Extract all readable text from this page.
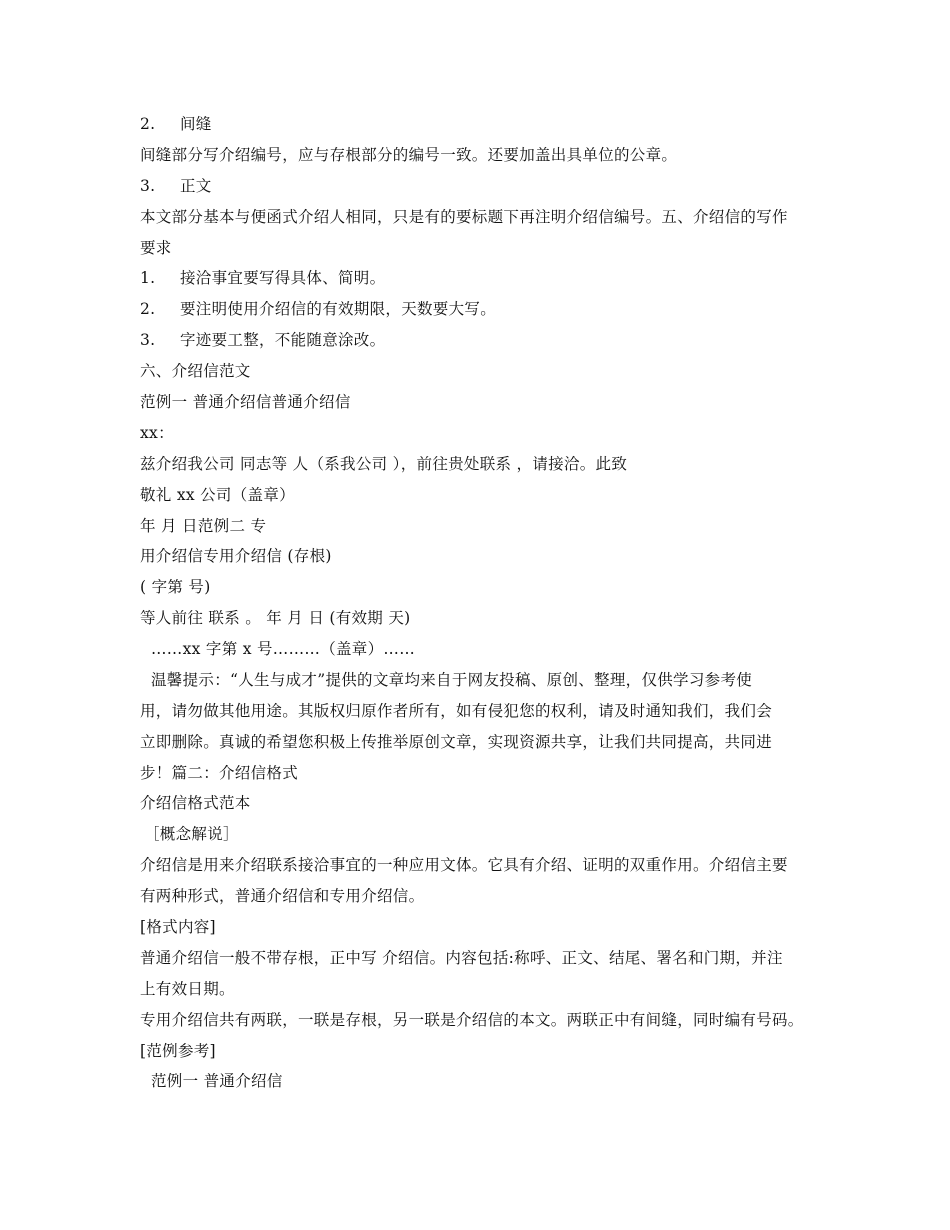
2. 间缝
间缝部分写介绍编号，应与存根部分的编号一致。还要加盖出具单位的公章。
3. 正文
本文部分基本与便函式介绍人相同，只是有的要标题下再注明介绍信编号。五、介绍信的写作
要求
1. 接洽事宜要写得具体、简明。
2. 要注明使用介绍信的有效期限，天数要大写。
3. 字迹要工整，不能随意涂改。
六、介绍信范文
范例一 普通介绍信普通介绍信
xx：
兹介绍我公司 同志等 人（系我公司 ），前往贵处联系 ，请接洽。此致
敬礼 xx 公司（盖章）
年 月 日范例二 专
用介绍信专用介绍信 (存根)
( 字第 号)
等人前往 联系 。 年 月 日 (有效期 天)
……xx 字第 x 号………（盖章）……
温馨提示：“人生与成才”提供的文章均来自于网友投稿、原创、整理，仅供学习参考使
用，请勿做其他用途。其版权归原作者所有，如有侵犯您的权利，请及时通知我们，我们会
立即删除。真诚的希望您积极上传推举原创文章，实现资源共享，让我们共同提高，共同进
步！篇二：介绍信格式
介绍信格式范本
［概念解说］
介绍信是用来介绍联系接洽事宜的一种应用文体。它具有介绍、证明的双重作用。介绍信主要
有两种形式，普通介绍信和专用介绍信。
[格式内容]
普通介绍信一般不带存根，正中写 介绍信。内容包括:称呼、正文、结尾、署名和门期，并注
上有效日期。
专用介绍信共有两联，一联是存根，另一联是介绍信的本文。两联正中有间缝，同时编有号码。
[范例参考]
范例一 普通介绍信
